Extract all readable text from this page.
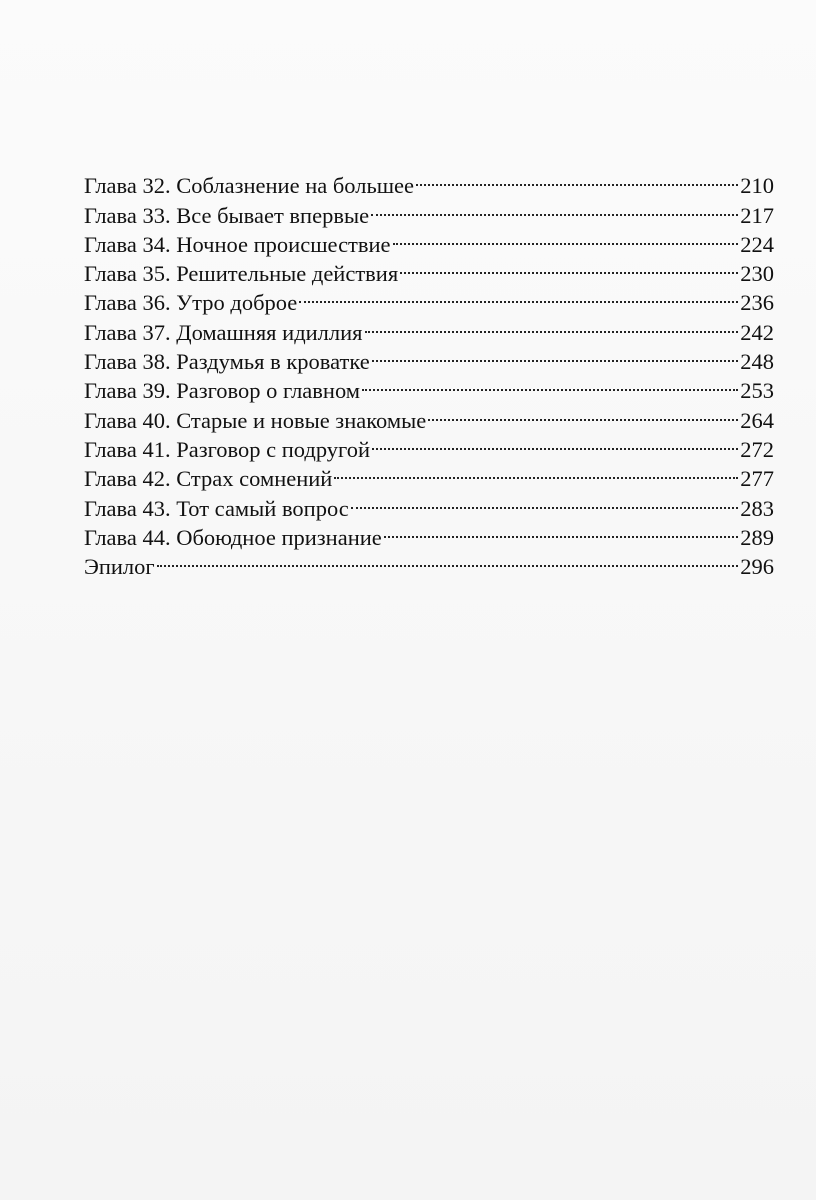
Глава 32. Соблазнение на большее	210
Глава 33. Все бывает впервые	217
Глава 34. Ночное происшествие	224
Глава 35. Решительные действия	230
Глава 36. Утро доброе	236
Глава 37. Домашняя идиллия	242
Глава 38. Раздумья в кроватке	248
Глава 39. Разговор о главном	253
Глава 40. Старые и новые знакомые	264
Глава 41. Разговор с подругой	272
Глава 42. Страх сомнений	277
Глава 43. Тот самый вопрос	283
Глава 44. Обоюдное признание	289
Эпилог	296
